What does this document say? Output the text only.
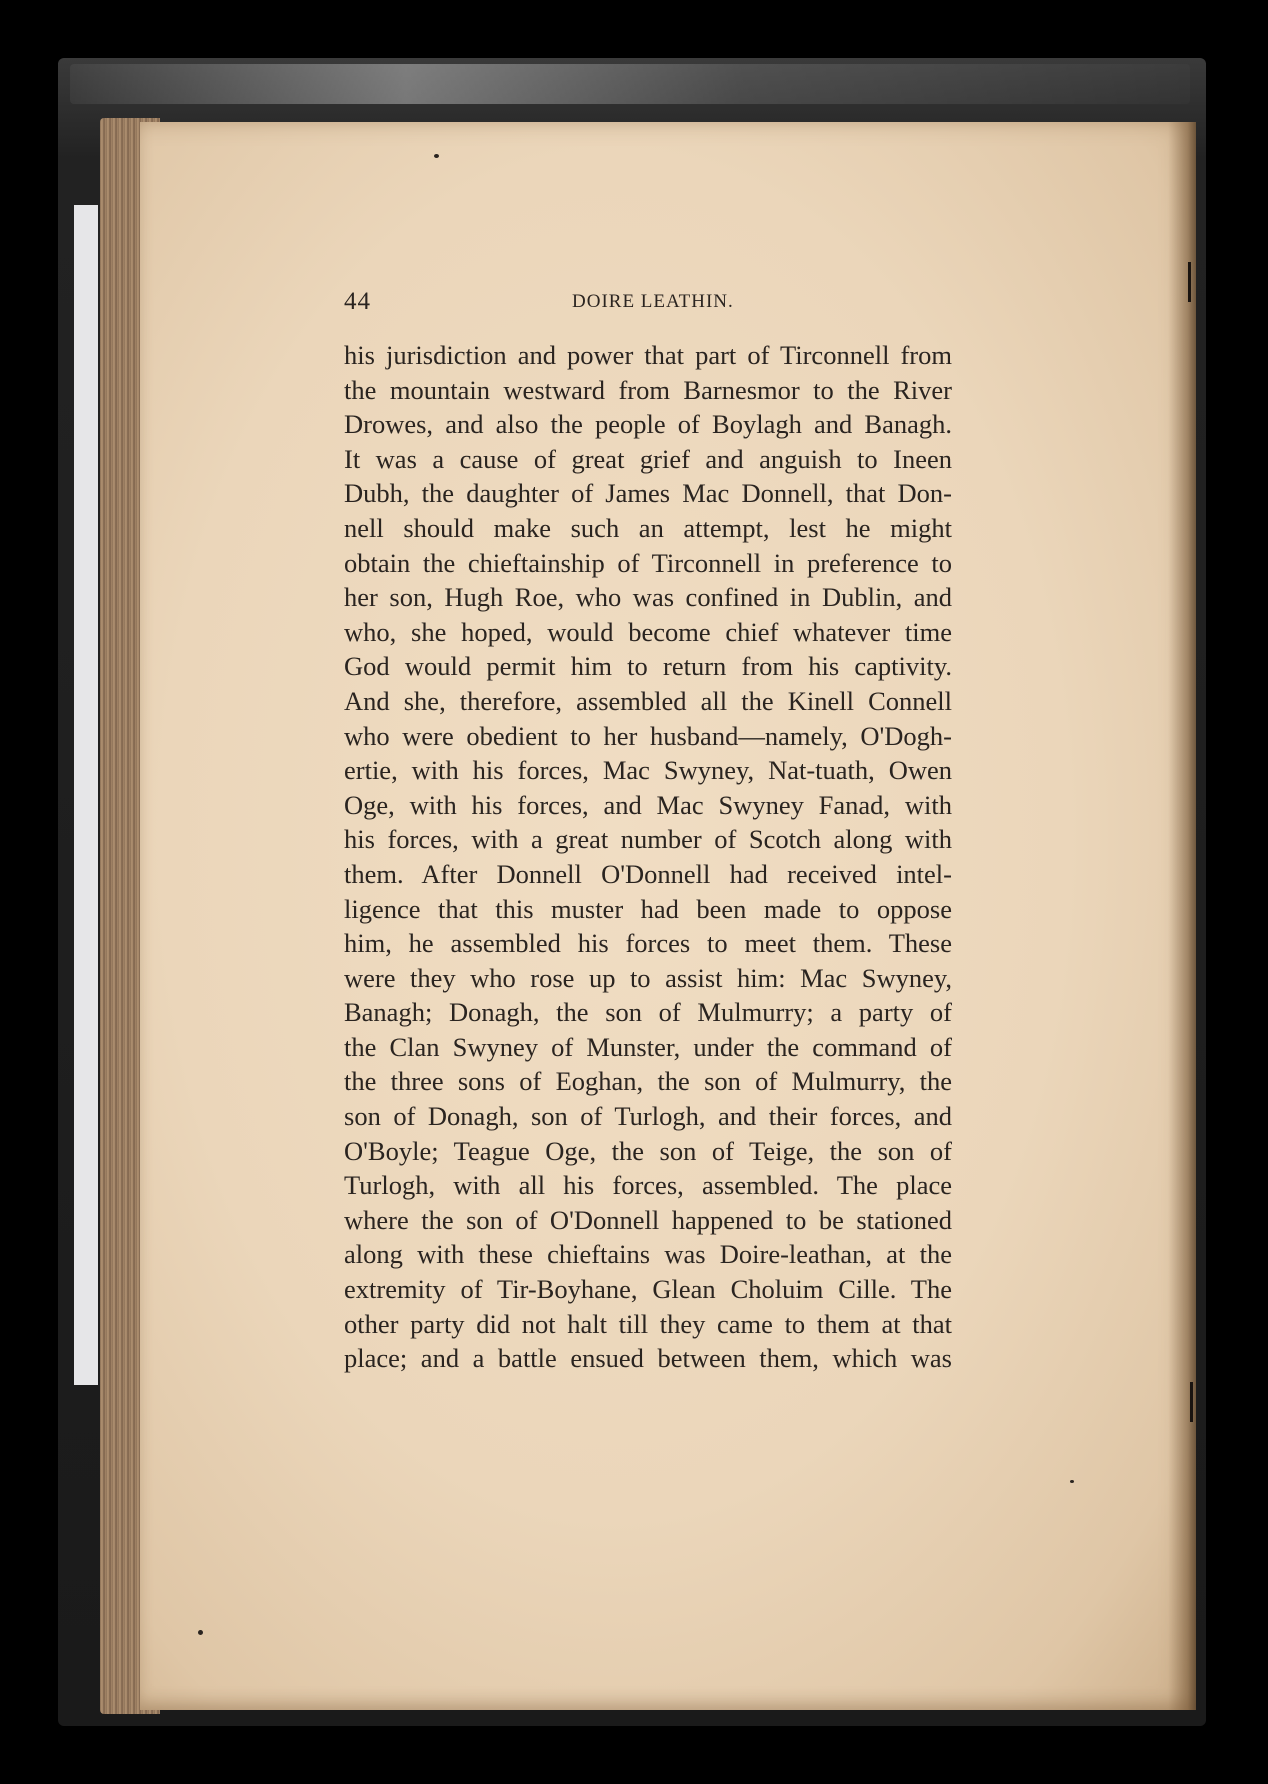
44	DOIRE LEATHIN.
his jurisdiction and power that part of Tirconnell from
the mountain westward from Barnesmor to the River
Drowes, and also the people of Boylagh and Banagh.
It was a cause of great grief and anguish to Ineen
Dubh, the daughter of James Mac Donnell, that Don-
nell should make such an attempt, lest he might
obtain the chieftainship of Tirconnell in preference to
her son, Hugh Roe, who was confined in Dublin, and
who, she hoped, would become chief whatever time
God would permit him to return from his captivity.
And she, therefore, assembled all the Kinell Connell
who were obedient to her husband—namely, O'Dogh-
ertie, with his forces, Mac Swyney, Nat-tuath, Owen
Oge, with his forces, and Mac Swyney Fanad, with
his forces, with a great number of Scotch along with
them. After Donnell O'Donnell had received intel-
ligence that this muster had been made to oppose
him, he assembled his forces to meet them. These
were they who rose up to assist him: Mac Swyney,
Banagh; Donagh, the son of Mulmurry; a party of
the Clan Swyney of Munster, under the command of
the three sons of Eoghan, the son of Mulmurry, the
son of Donagh, son of Turlogh, and their forces, and
O'Boyle; Teague Oge, the son of Teige, the son of
Turlogh, with all his forces, assembled. The place
where the son of O'Donnell happened to be stationed
along with these chieftains was Doire-leathan, at the
extremity of Tir-Boyhane, Glean Choluim Cille. The
other party did not halt till they came to them at that
place; and a battle ensued between them, which was
